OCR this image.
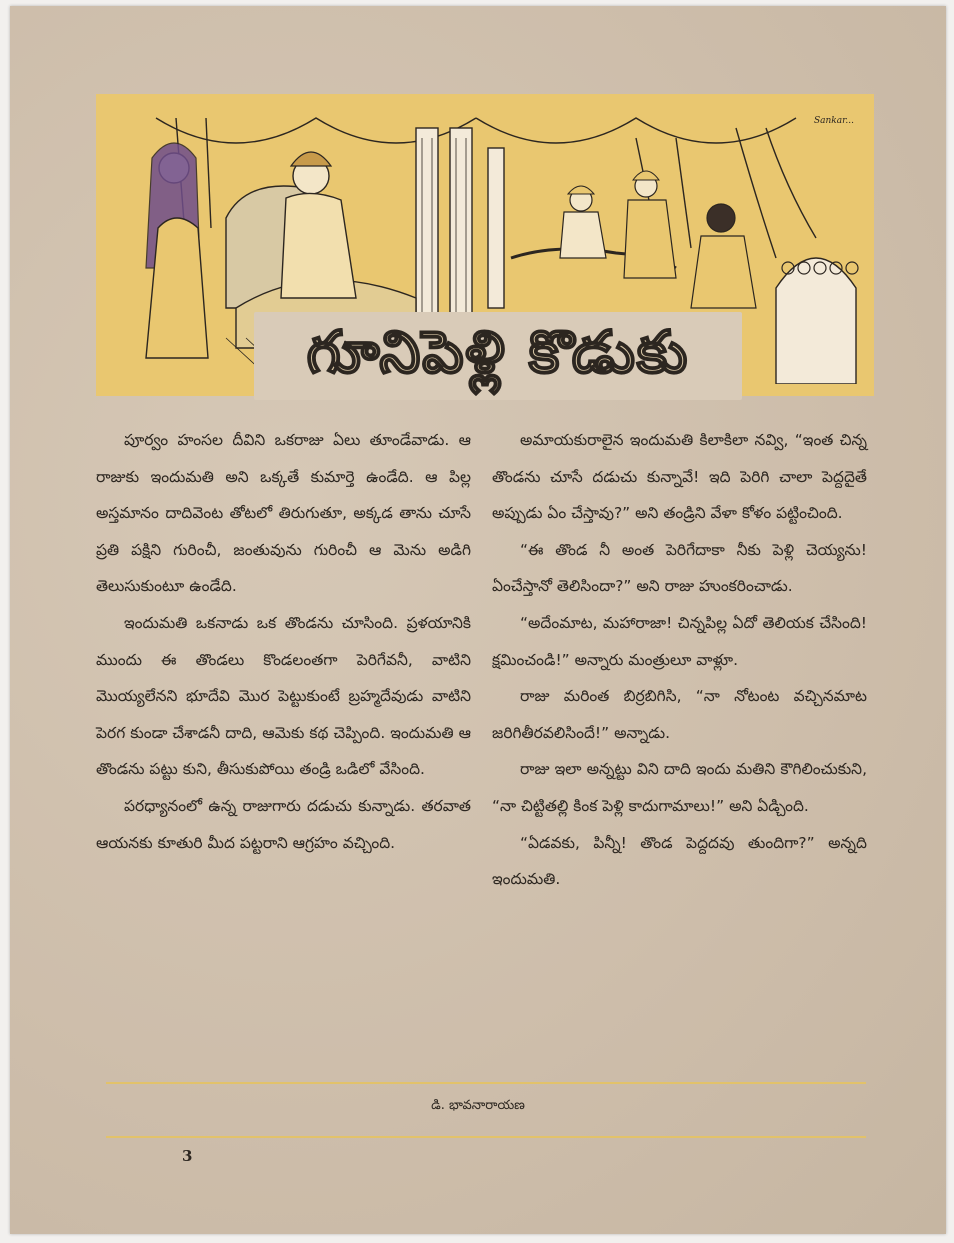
Sankar...
గూనిపెళ్లి కొడుకు

పూర్వం హంసల దీవిని ఒకరాజు ఏలు తూండేవాడు. ఆ రాజుకు ఇందుమతి అని ఒక్కతే కుమార్తె ఉండేది. ఆ పిల్ల అస్తమానం దాదివెంట తోటలో తిరుగుతూ, అక్కడ తాను చూసే ప్రతి పక్షిని గురించీ, జంతువును గురించీ ఆ మెను అడిగి తెలుసుకుంటూ ఉండేది.

ఇందుమతి ఒకనాడు ఒక తొండను చూసింది. ప్రళయానికి ముందు ఈ తొండలు కొండలంతగా పెరిగేవనీ, వాటిని మొయ్యలేనని భూదేవి మొర పెట్టుకుంటే బ్రహ్మదేవుడు వాటిని పెరగ కుండా చేశాడనీ దాది, ఆమెకు కథ చెప్పింది. ఇందుమతి ఆ తొండను పట్టు కుని, తీసుకుపోయి తండ్రి ఒడిలో వేసింది.

పరధ్యానంలో ఉన్న రాజుగారు దడుచు కున్నాడు. తరవాత ఆయనకు కూతురి మీద పట్టరాని ఆగ్రహం వచ్చింది.

అమాయకురాలైన ఇందుమతి కిలాకిలా నవ్వి, “ఇంత చిన్న తొండను చూసే దడుచు కున్నావే! ఇది పెరిగి చాలా పెద్దదైతే అప్పుడు ఏం చేస్తావు?” అని తండ్రిని వేళా కోళం పట్టించింది.

“ఈ తొండ నీ అంత పెరిగేదాకా నీకు పెళ్లి చెయ్యను! ఏంచేస్తానో తెలిసిందా?” అని రాజు హుంకరించాడు.

“అదేంమాట, మహారాజా! చిన్నపిల్ల ఏదో తెలియక చేసింది! క్షమించండి!” అన్నారు మంత్రులూ వాళ్లూ.

రాజు మరింత బిర్రబిగిసి, “నా నోటంట వచ్చినమాట జరిగితీరవలిసిందే!” అన్నాడు.

రాజు ఇలా అన్నట్టు విని దాది ఇందు మతిని కౌగిలించుకుని, “నా చిట్టితల్లి కింక పెళ్లి కాదుగామాలు!” అని ఏడ్చింది.

“ఏడవకు, పిన్నీ! తొండ పెద్దదవు తుందిగా?” అన్నది ఇందుమతి.

డి. భావనారాయణ
3
